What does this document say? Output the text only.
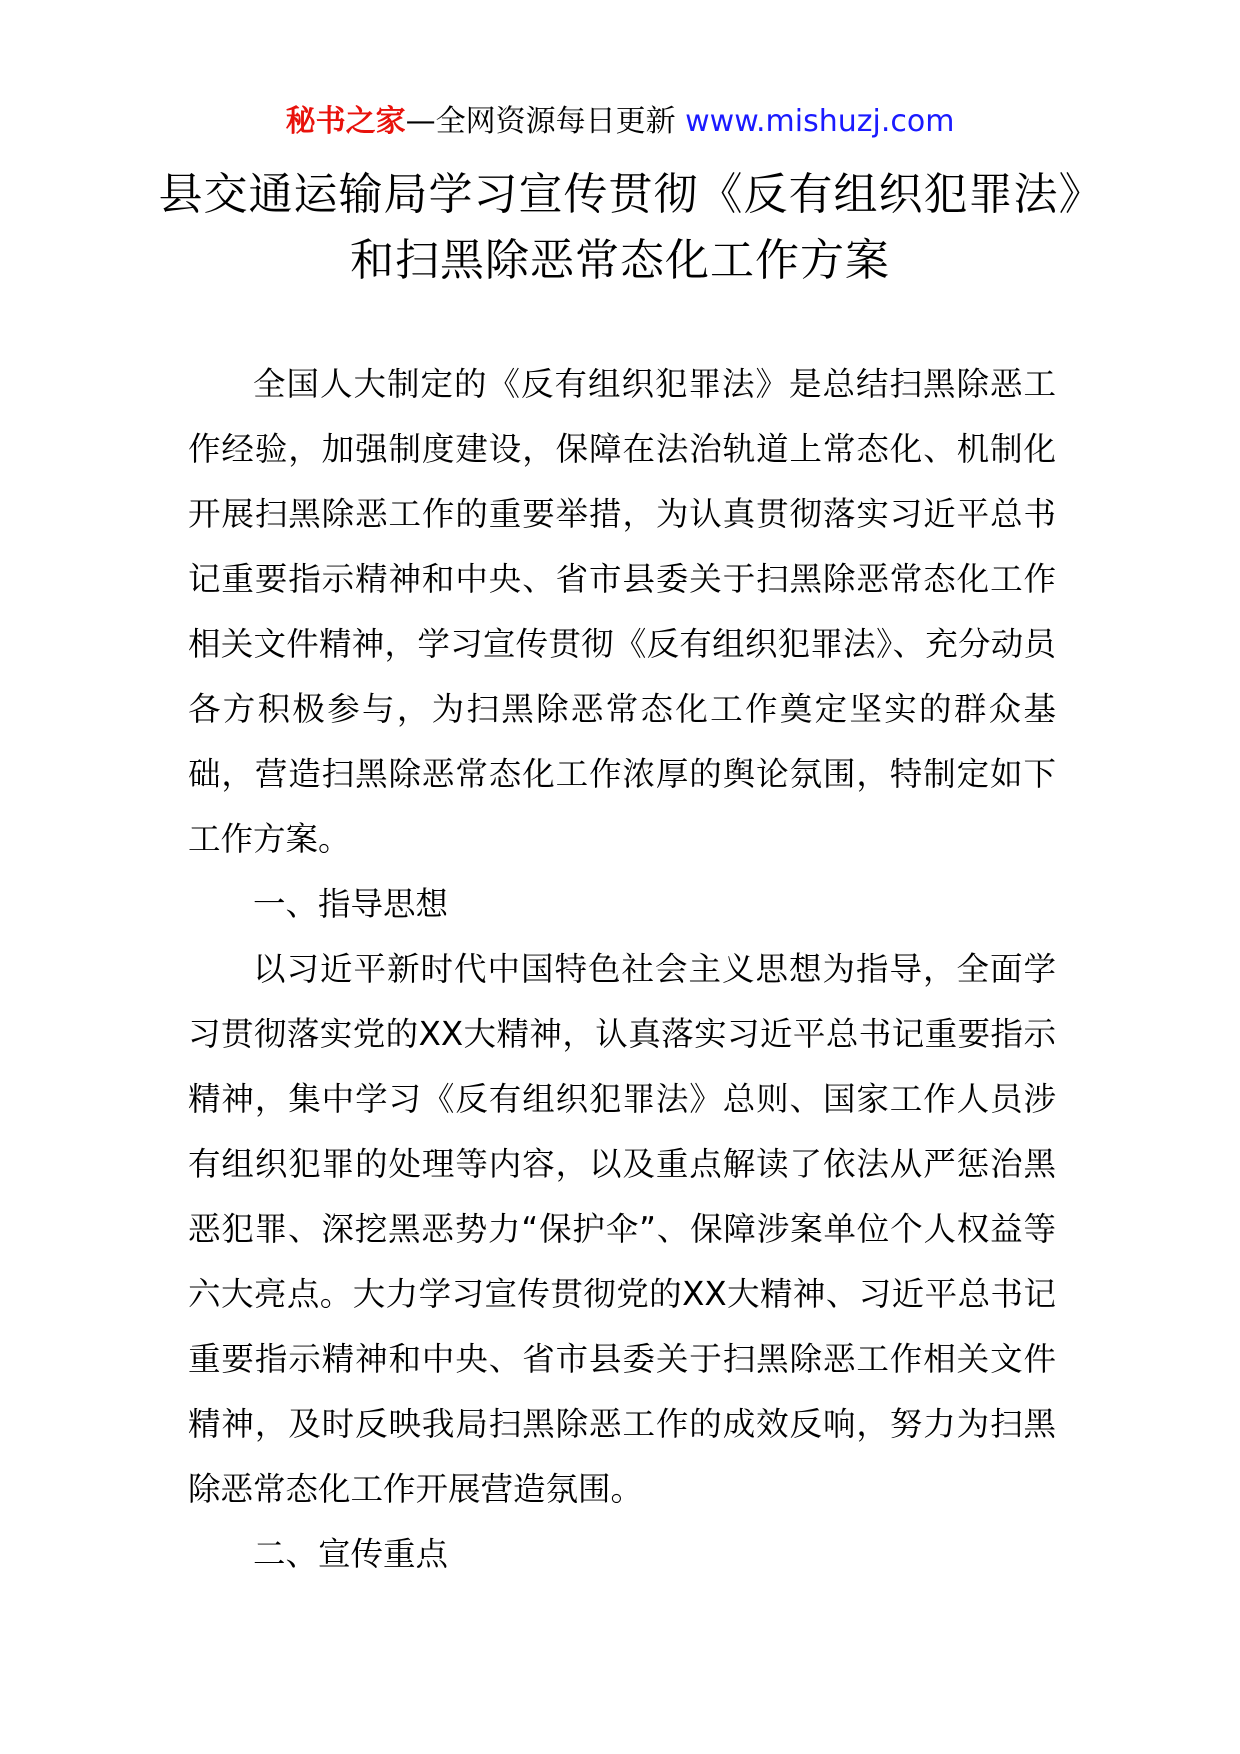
秘书之家—全网资源每日更新 www.mishuzj.com
县交通运输局学习宣传贯彻《反有组织犯罪法》和扫黑除恶常态化工作方案

全国人大制定的《反有组织犯罪法》是总结扫黑除恶工作经验，加强制度建设，保障在法治轨道上常态化、机制化开展扫黑除恶工作的重要举措，为认真贯彻落实习近平总书记重要指示精神和中央、省市县委关于扫黑除恶常态化工作相关文件精神，学习宣传贯彻《反有组织犯罪法》、充分动员各方积极参与，为扫黑除恶常态化工作奠定坚实的群众基础，营造扫黑除恶常态化工作浓厚的舆论氛围，特制定如下工作方案。

一、指导思想

以习近平新时代中国特色社会主义思想为指导，全面学习贯彻落实党的XX大精神，认真落实习近平总书记重要指示精神，集中学习《反有组织犯罪法》总则、国家工作人员涉有组织犯罪的处理等内容，以及重点解读了依法从严惩治黑恶犯罪、深挖黑恶势力“保护伞”、保障涉案单位个人权益等六大亮点。大力学习宣传贯彻党的XX大精神、习近平总书记重要指示精神和中央、省市县委关于扫黑除恶工作相关文件精神，及时反映我局扫黑除恶工作的成效反响，努力为扫黑除恶常态化工作开展营造氛围。

二、宣传重点
